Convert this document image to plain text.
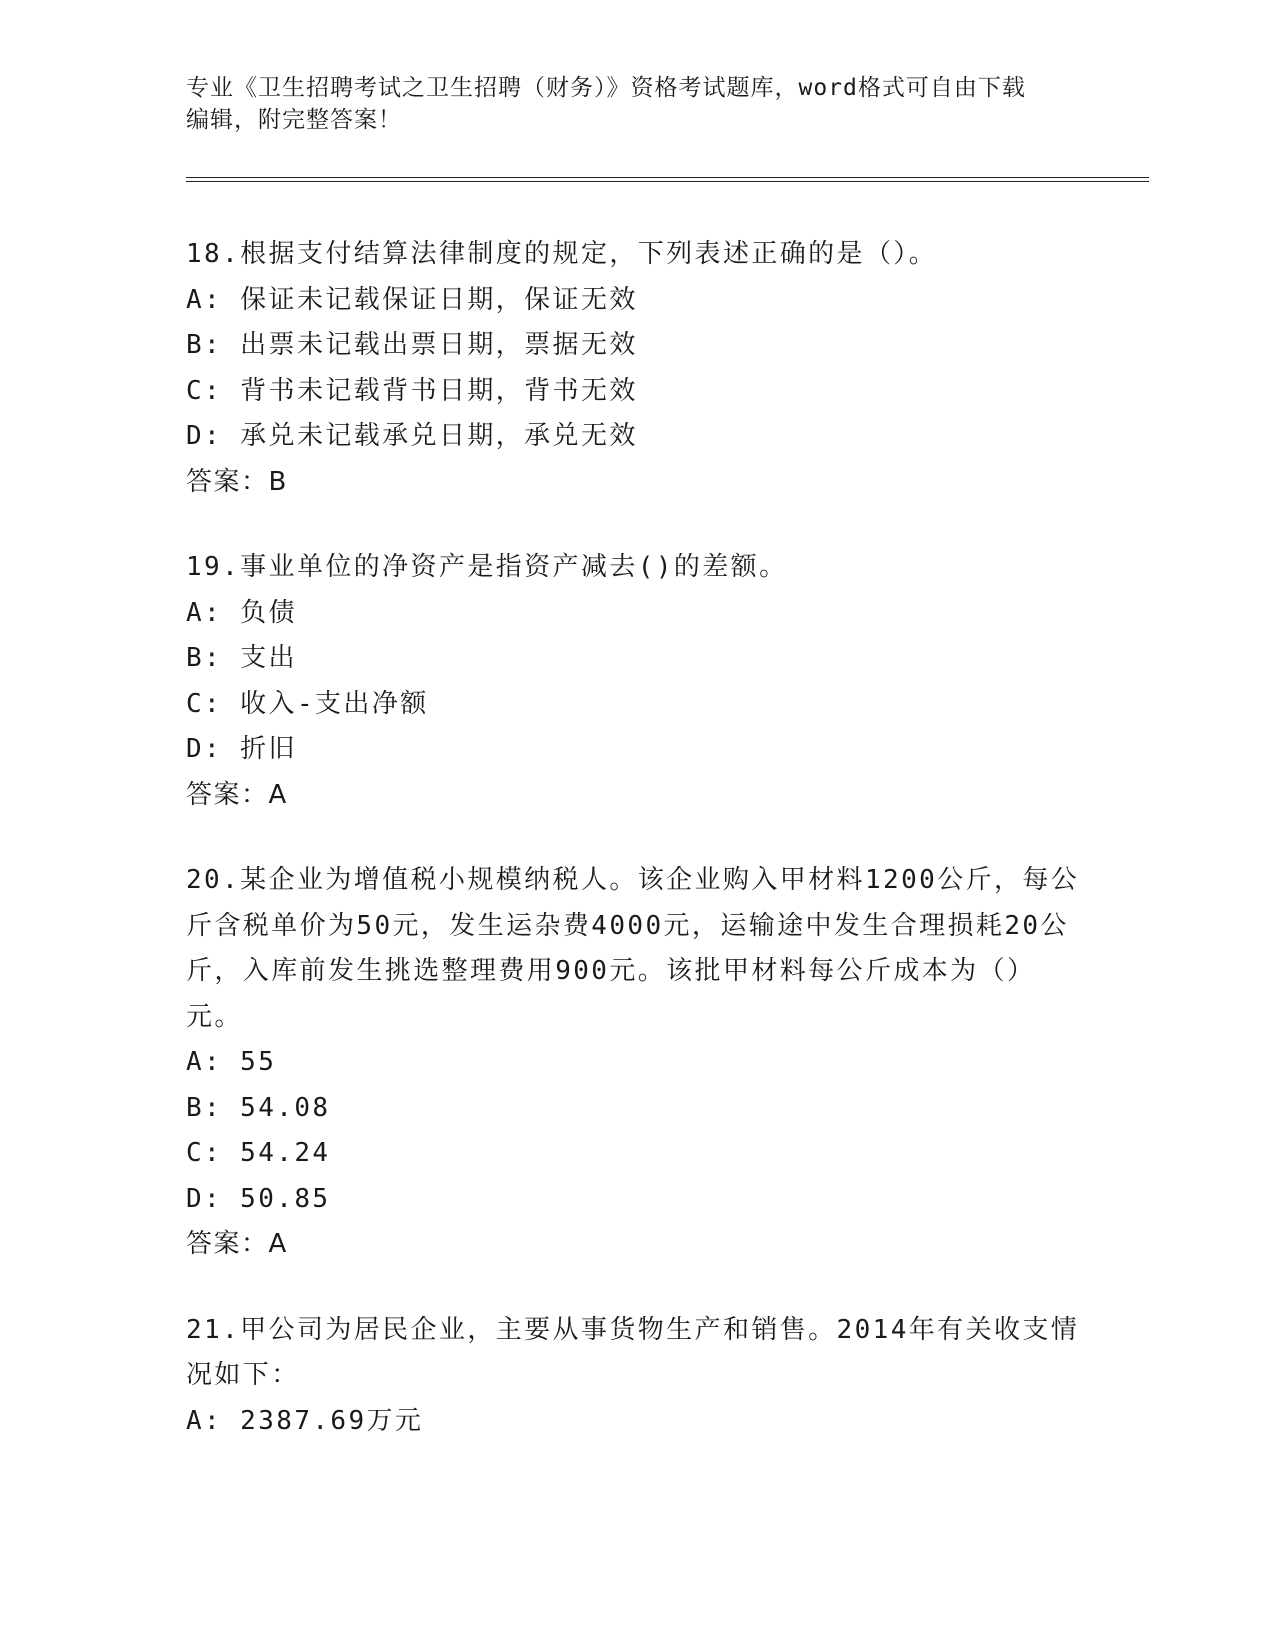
专业《卫生招聘考试之卫生招聘（财务）》资格考试题库，word格式可自由下载
编辑，附完整答案！

18.根据支付结算法律制度的规定，下列表述正确的是（）。

A: 保证未记载保证日期，保证无效

B: 出票未记载出票日期，票据无效

C: 背书未记载背书日期，背书无效

D: 承兑未记载承兑日期，承兑无效

答案：B

19.事业单位的净资产是指资产减去()的差额。

A: 负债

B: 支出

C: 收入-支出净额

D: 折旧

答案：A

20.某企业为增值税小规模纳税人。该企业购入甲材料1200公斤，每公斤含税单价为50元，发生运杂费4000元，运输途中发生合理损耗20公斤，入库前发生挑选整理费用900元。该批甲材料每公斤成本为（）元。

A: 55

B: 54.08

C: 54.24

D: 50.85

答案：A

21.甲公司为居民企业，主要从事货物生产和销售。2014年有关收支情况如下：

A: 2387.69万元
